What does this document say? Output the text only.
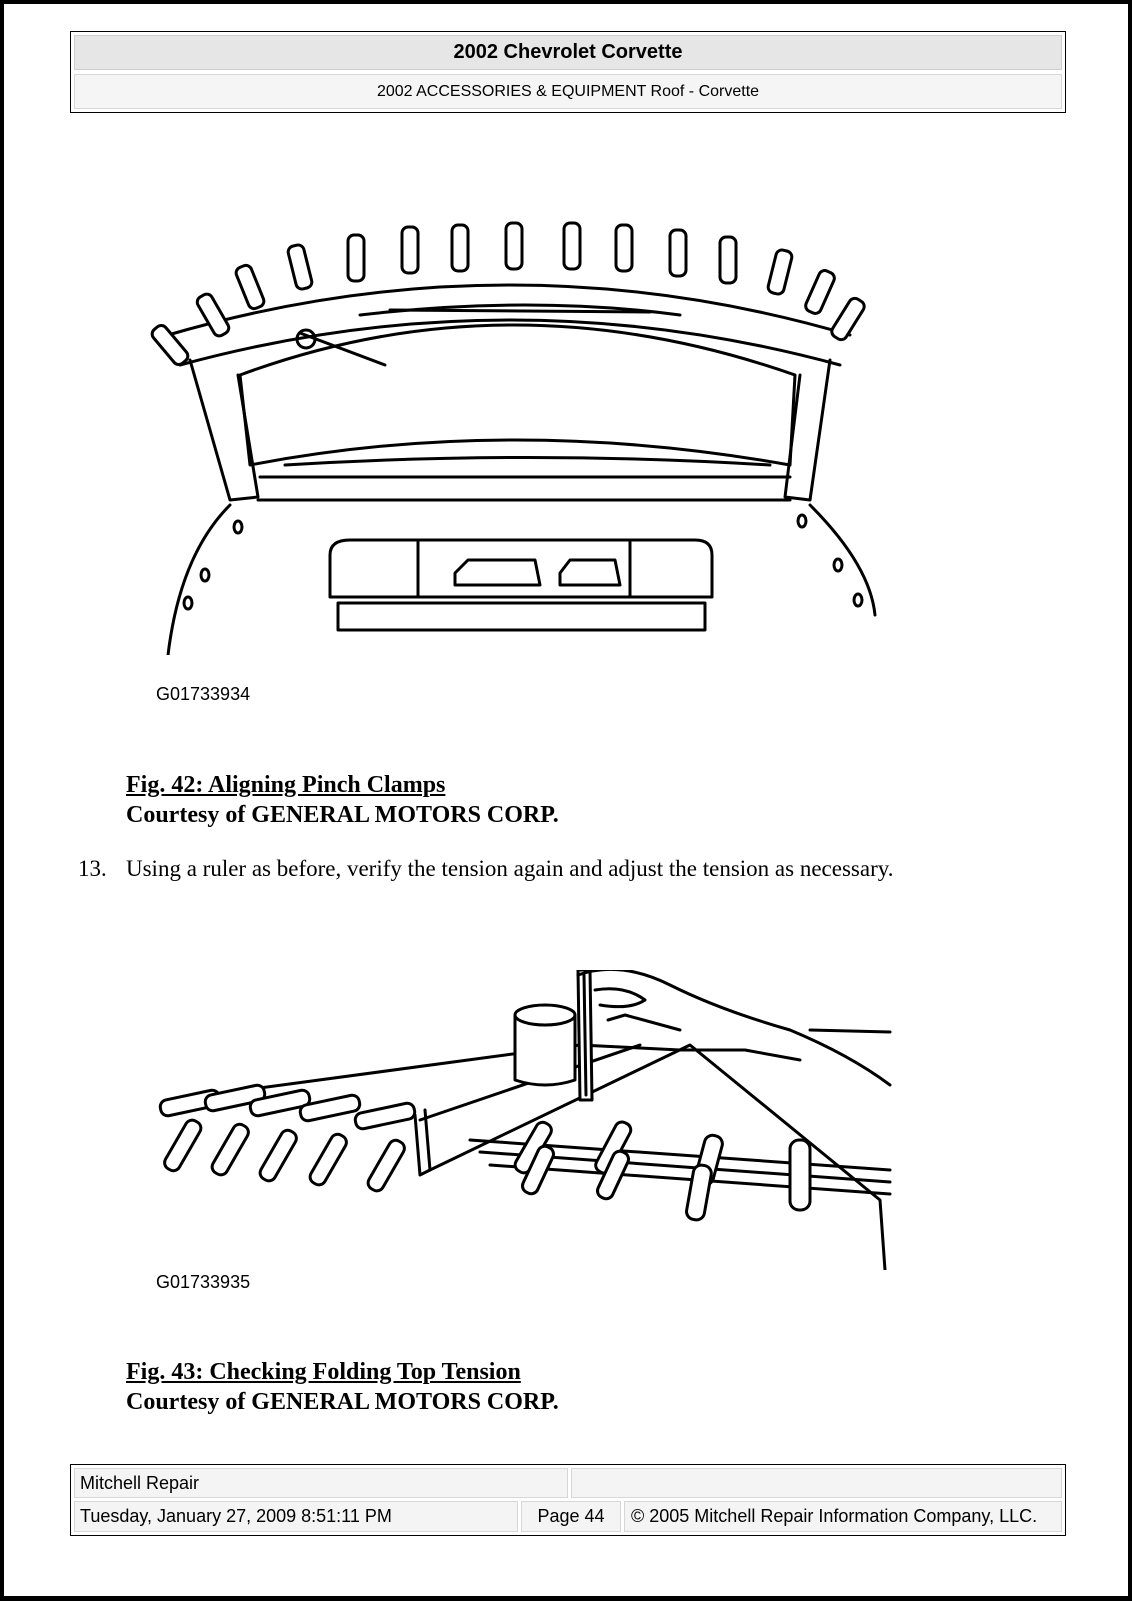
2002 Chevrolet Corvette
2002 ACCESSORIES & EQUIPMENT Roof - Corvette
G01733934
Fig. 42: Aligning Pinch Clamps
Courtesy of GENERAL MOTORS CORP.
13. Using a ruler as before, verify the tension again and adjust the tension as necessary.
G01733935
Fig. 43: Checking Folding Top Tension
Courtesy of GENERAL MOTORS CORP.
Mitchell Repair
Tuesday, January 27, 2009 8:51:11 PM	Page 44	© 2005 Mitchell Repair Information Company, LLC.
